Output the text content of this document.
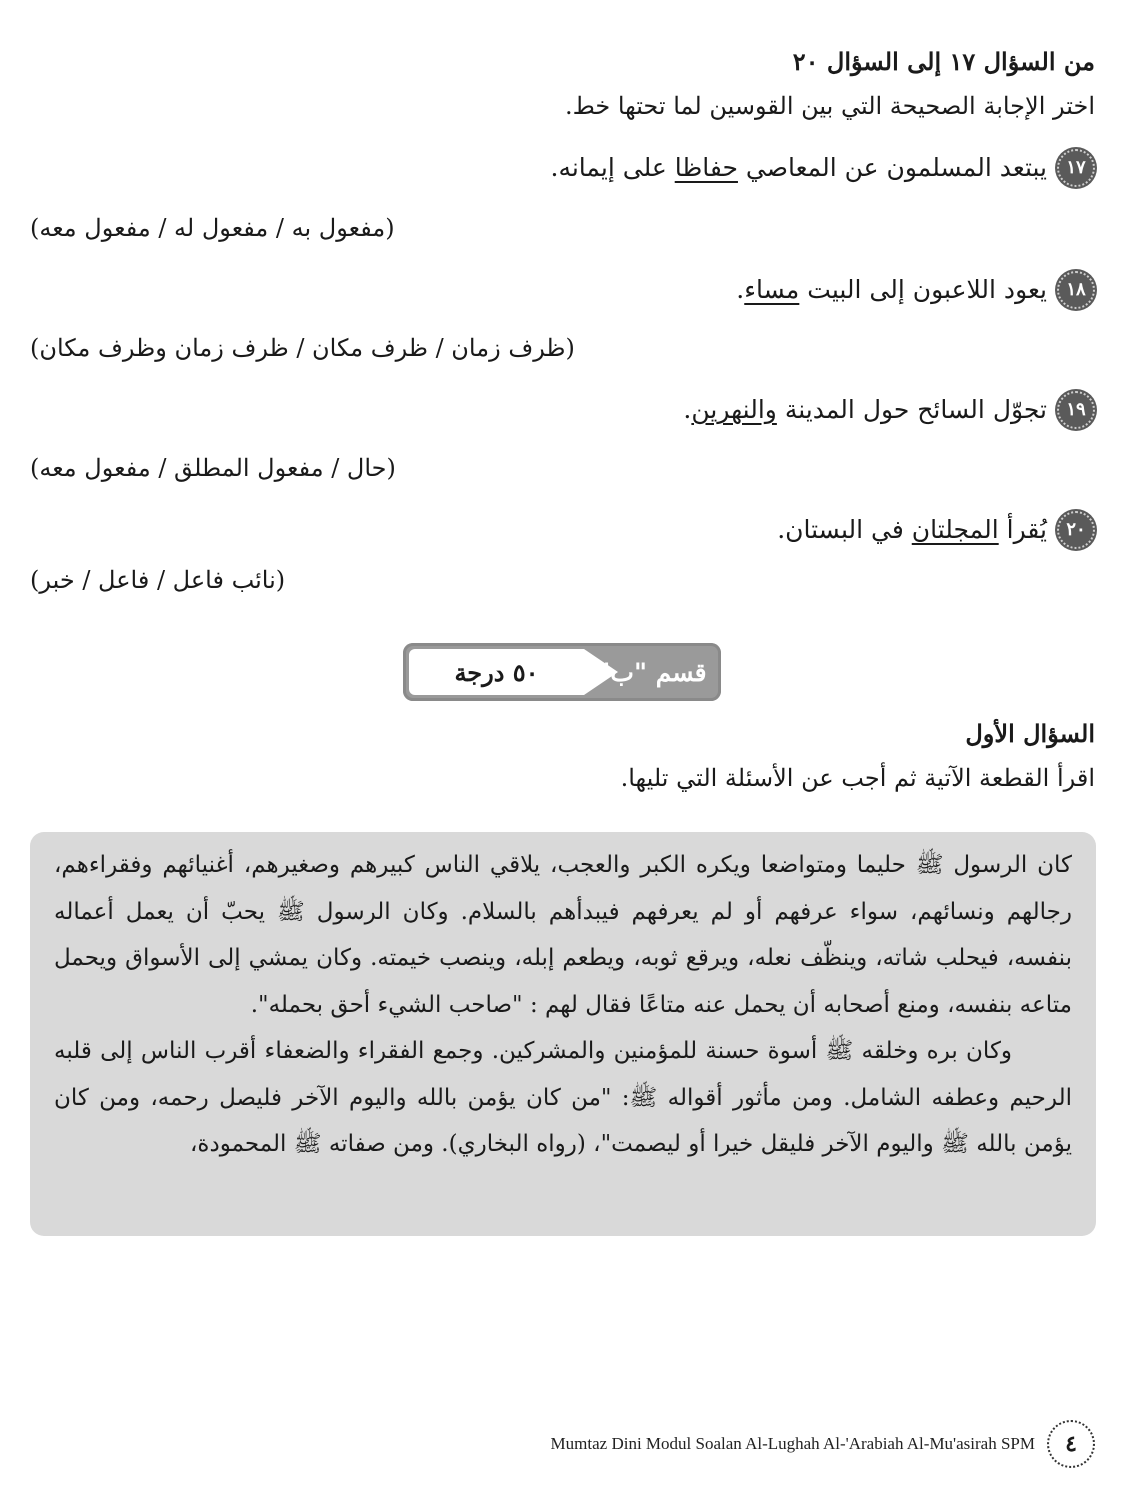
من السؤال ١٧ إلى السؤال ٢٠
اختر الإجابة الصحيحة التي بين القوسين لما تحتها خط.
١٧
يبتعد المسلمون عن المعاصي حفاظا على إيمانه.
(مفعول به / مفعول له / مفعول معه)
١٨
يعود اللاعبون إلى البيت مساء.
(ظرف زمان / ظرف مكان / ظرف زمان وظرف مكان)
١٩
تجوّل السائح حول المدينة والنهرين.
(حال / مفعول المطلق / مفعول معه)
٢٠
يُقرأ المجلتان في البستان.
(نائب فاعل / فاعل / خبر)
٥٠ درجة	قسم "ب"
السؤال الأول
اقرأ القطعة الآتية ثم أجب عن الأسئلة التي تليها.

كان الرسول ﷺ حليما ومتواضعا ويكره الكبر والعجب، يلاقي الناس كبيرهم وصغيرهم، أغنيائهم وفقراءهم، رجالهم ونسائهم، سواء عرفهم أو لم يعرفهم فيبدأهم بالسلام. وكان الرسول ﷺ يحبّ أن يعمل أعماله بنفسه، فيحلب شاته، وينظّف نعله، ويرقع ثوبه، ويطعم إبله، وينصب خيمته. وكان يمشي إلى الأسواق ويحمل متاعه بنفسه، ومنع أصحابه أن يحمل عنه متاعًا فقال لهم : "صاحب الشيء أحق بحمله".

وكان بره وخلقه ﷺ أسوة حسنة للمؤمنين والمشركين. وجمع الفقراء والضعفاء أقرب الناس إلى قلبه الرحيم وعطفه الشامل. ومن مأثور أقواله ﷺ: "من كان يؤمن بالله واليوم الآخر فليصل رحمه، ومن كان يؤمن بالله ﷺ واليوم الآخر فليقل خيرا أو ليصمت"، (رواه البخاري). ومن صفاته ﷺ المحمودة،

٤
Mumtaz Dini Modul Soalan Al-Lughah Al-'Arabiah Al-Mu'asirah SPM
